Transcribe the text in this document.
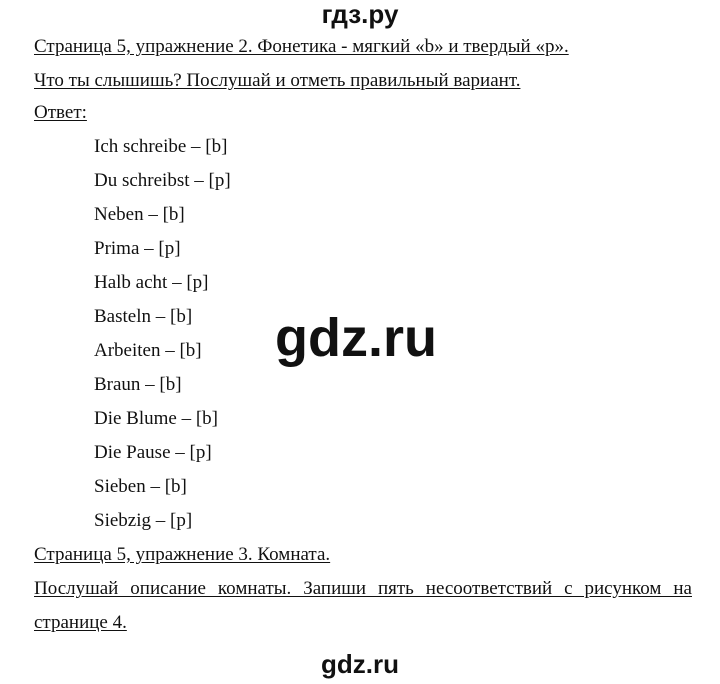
гдз.ру
Страница 5, упражнение 2. Фонетика - мягкий «b» и твердый «p».
Что ты слышишь? Послушай и отметь правильный вариант.
Ответ:
Ich schreibe – [b]
Du schreibst – [p]
Neben – [b]
Prima – [p]
Halb acht – [p]
Basteln – [b]
Arbeiten – [b]
Braun – [b]
Die Blume – [b]
Die Pause – [p]
Sieben – [b]
Siebzig – [p]
gdz.ru
Страница 5, упражнение 3. Комната.
Послушай описание комнаты. Запиши пять несоответствий с рисунком на
странице 4.
gdz.ru
